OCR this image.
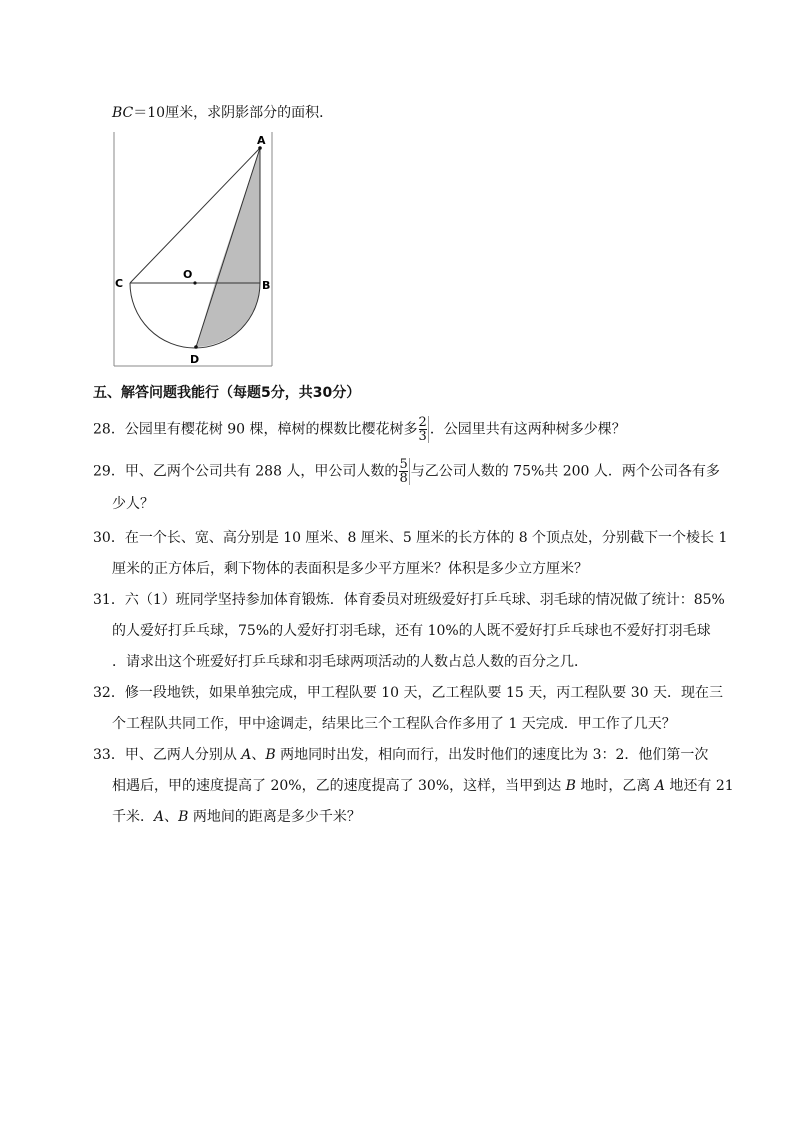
BC＝10厘米，求阴影部分的面积．
A
C
O
B
D
五、解答问题我能行（每题5分，共30分）
28．公园里有樱花树 90 棵，樟树的棵数比樱花树多 $\frac{2}{3}$ ．公园里共有这两种树多少棵？
29．甲、乙两个公司共有 288 人，甲公司人数的 $\frac{5}{8}$ 与乙公司人数的 75%共 200 人．两个公司各有多
少人？
30．在一个长、宽、高分别是 10 厘米、8 厘米、5 厘米的长方体的 8 个顶点处，分别截下一个棱长 1
厘米的正方体后，剩下物体的表面积是多少平方厘米？体积是多少立方厘米？
31．六（1）班同学坚持参加体育锻炼．体育委员对班级爱好打乒乓球、羽毛球的情况做了统计：85%
的人爱好打乒乓球，75%的人爱好打羽毛球，还有 10%的人既不爱好打乒乓球也不爱好打羽毛球
．请求出这个班爱好打乒乓球和羽毛球两项活动的人数占总人数的百分之几．
32．修一段地铁，如果单独完成，甲工程队要 10 天，乙工程队要 15 天，丙工程队要 30 天．现在三
个工程队共同工作，甲中途调走，结果比三个工程队合作多用了 1 天完成．甲工作了几天？
33．甲、乙两人分别从 A、B 两地同时出发，相向而行，出发时他们的速度比为 3：2．他们第一次
相遇后，甲的速度提高了 20%，乙的速度提高了 30%，这样，当甲到达 B 地时，乙离 A 地还有 21
千米．A、B 两地间的距离是多少千米？
